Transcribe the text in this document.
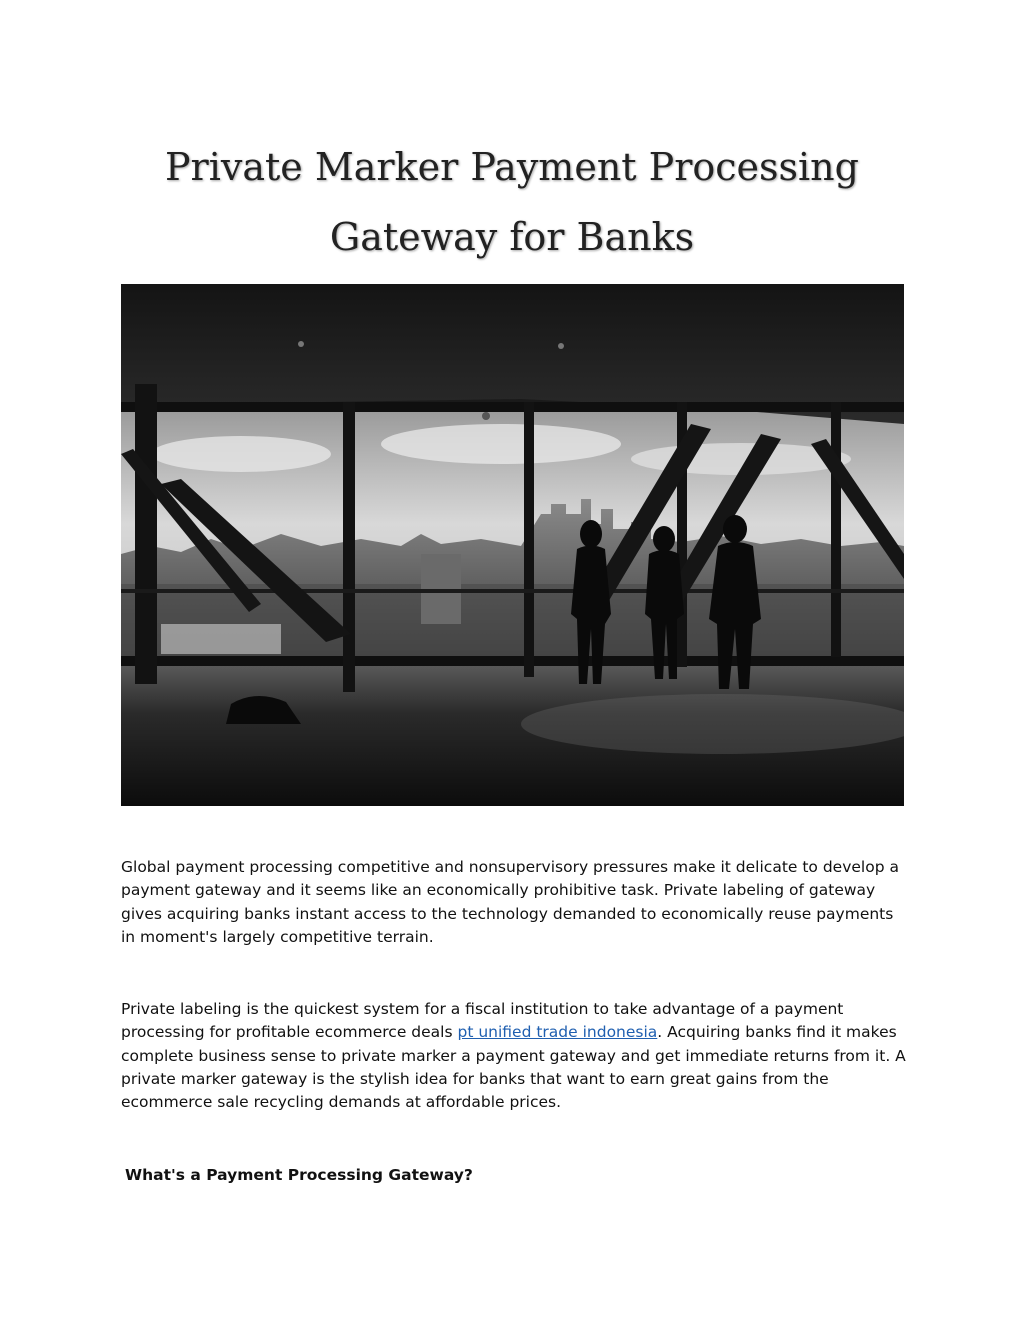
Private Marker Payment Processing
Gateway for Banks

Global payment processing competitive and nonsupervisory pressures make it delicate to develop a payment gateway and it seems like an economically prohibitive task. Private labeling of gateway gives acquiring banks instant access to the technology demanded to economically reuse payments in moment's largely competitive terrain.

Private labeling is the quickest system for a fiscal institution to take advantage of a payment processing for profitable ecommerce deals pt unified trade indonesia. Acquiring banks find it makes complete business sense to private marker a payment gateway and get immediate returns from it. A private marker gateway is the stylish idea for banks that want to earn great gains from the ecommerce sale recycling demands at affordable prices.

What's a Payment Processing Gateway?
